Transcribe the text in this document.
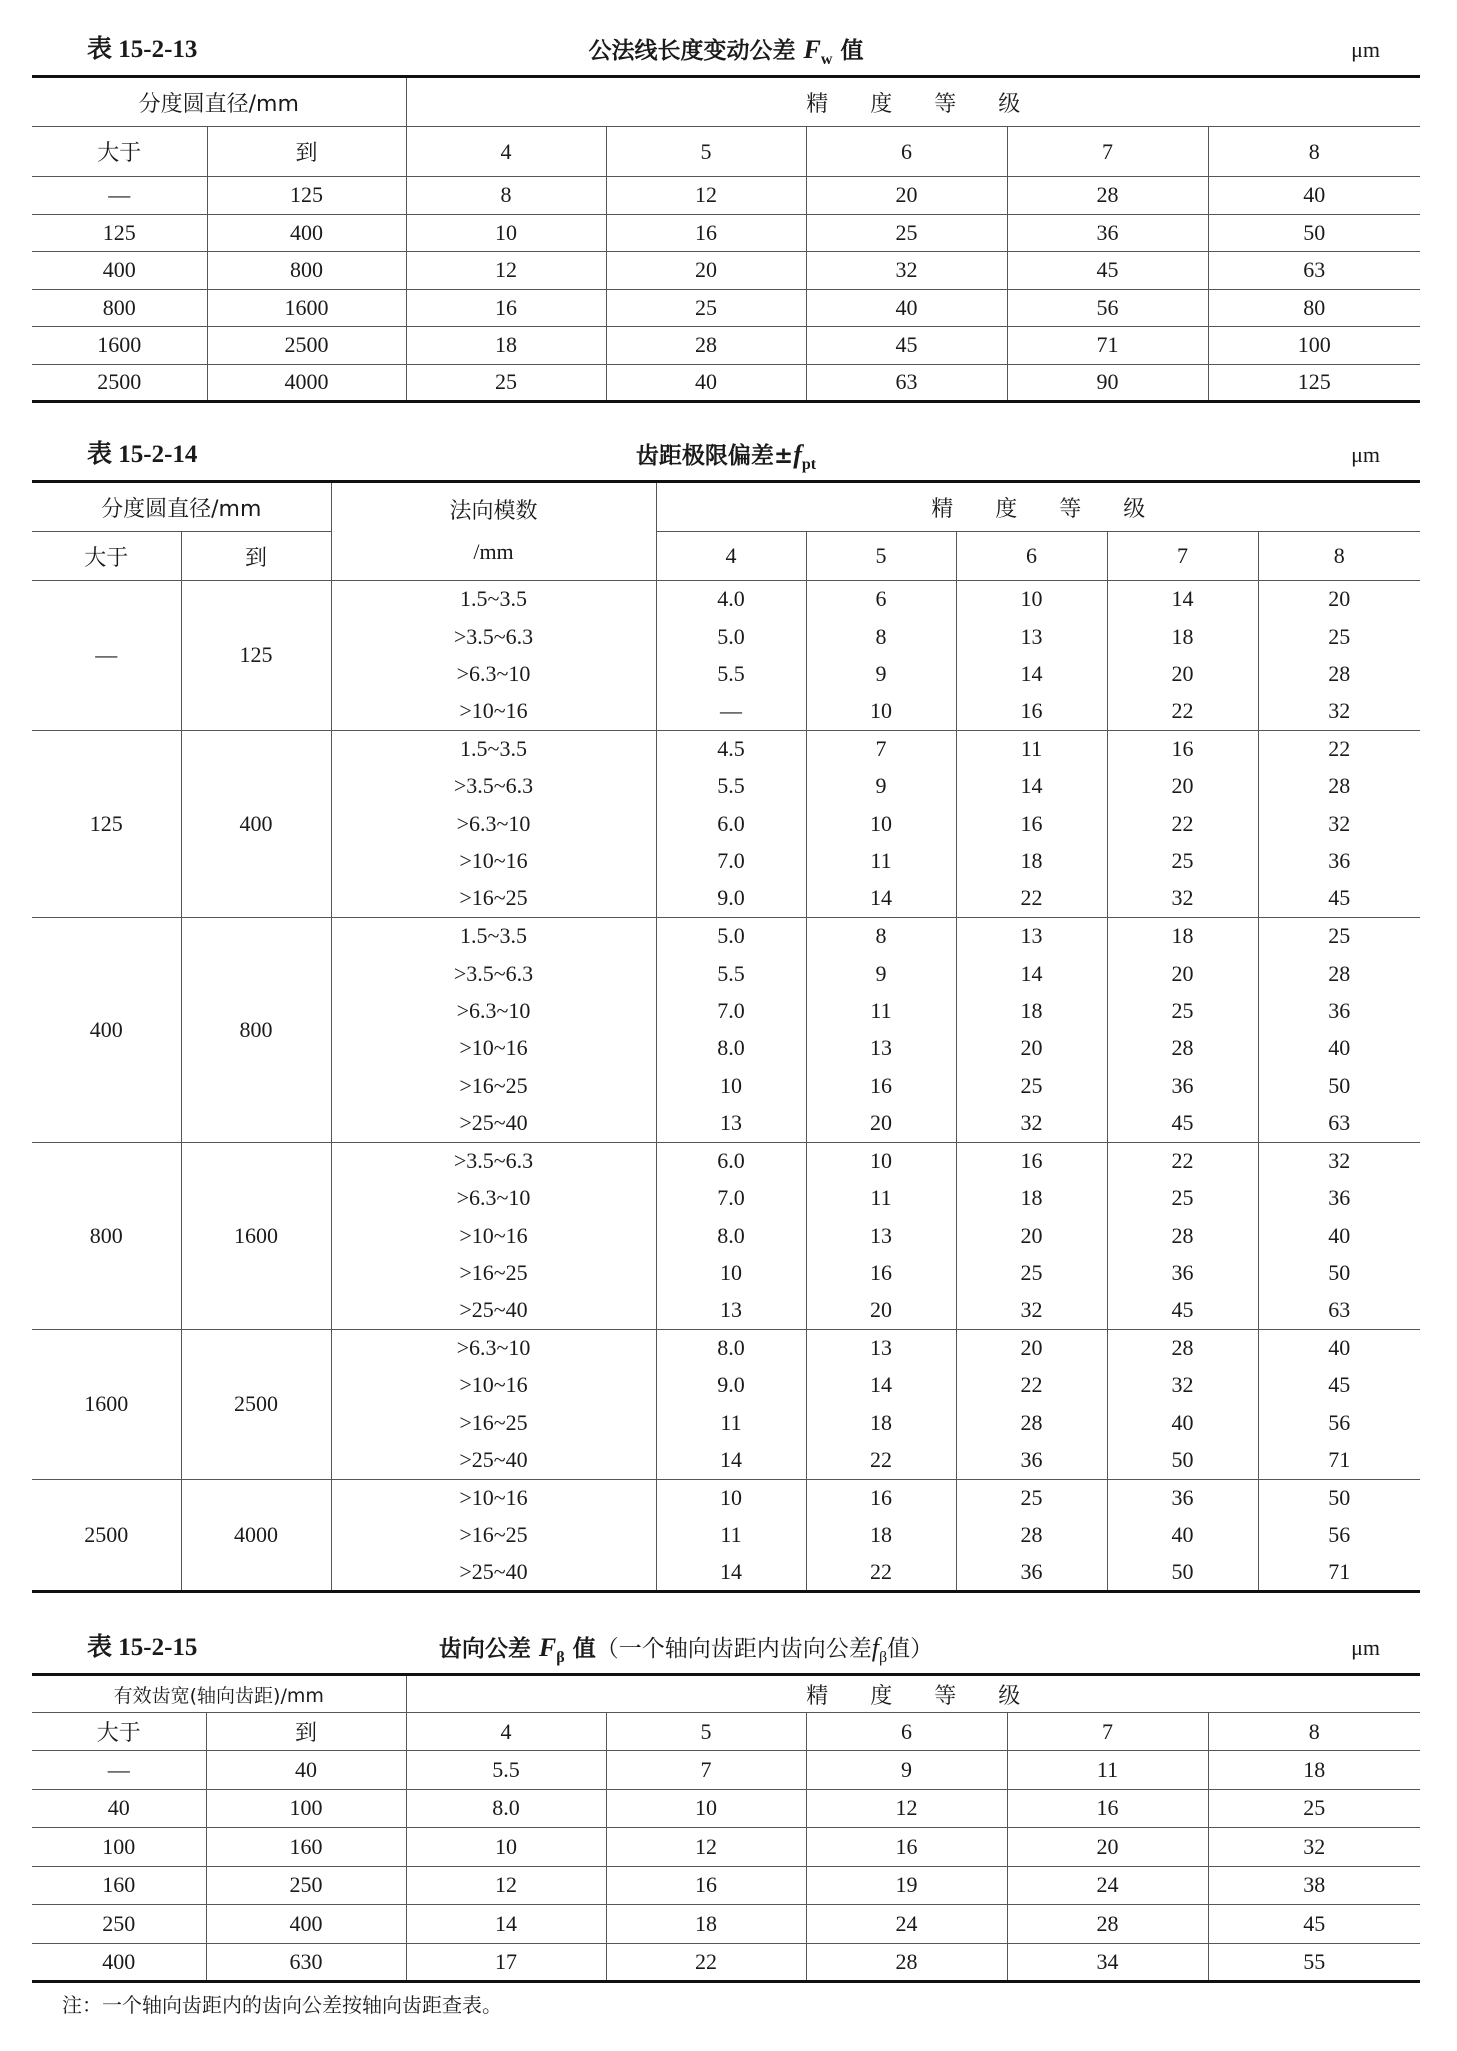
表 15-2-13	公法线长度变动公差 $F_w$ 值	μm
分度圆直径/mm		精度等级				
大于	到	4	5	6	7	8
—	125	8	12	20	28	40
125	400	10	16	25	36	50
400	800	12	20	32	45	63
800	1600	16	25	40	56	80
1600	2500	18	28	45	71	100
2500	4000	25	40	63	90	125
表 15-2-14	齿距极限偏差$\pm f_{pt}$	μm
分度圆直径/mm		法向模数
/mm	精度等级				
大于	到		4	5	6	7	8
—	125	1.5~3.5	4.0	6	10	14	20
		>3.5~6.3	5.0	8	13	18	25
		>6.3~10	5.5	9	14	20	28
		>10~16	—	10	16	22	32
125	400	1.5~3.5	4.5	7	11	16	22
		>3.5~6.3	5.5	9	14	20	28
		>6.3~10	6.0	10	16	22	32
		>10~16	7.0	11	18	25	36
		>16~25	9.0	14	22	32	45
400	800	1.5~3.5	5.0	8	13	18	25
		>3.5~6.3	5.5	9	14	20	28
		>6.3~10	7.0	11	18	25	36
		>10~16	8.0	13	20	28	40
		>16~25	10	16	25	36	50
		>25~40	13	20	32	45	63
800	1600	>3.5~6.3	6.0	10	16	22	32
		>6.3~10	7.0	11	18	25	36
		>10~16	8.0	13	20	28	40
		>16~25	10	16	25	36	50
		>25~40	13	20	32	45	63
1600	2500	>6.3~10	8.0	13	20	28	40
		>10~16	9.0	14	22	32	45
		>16~25	11	18	28	40	56
		>25~40	14	22	36	50	71
2500	4000	>10~16	10	16	25	36	50
		>16~25	11	18	28	40	56
		>25~40	14	22	36	50	71
表 15-2-15	齿向公差 $F_\beta$ 值（一个轴向齿距内齿向公差$f_\beta$值）	μm
有效齿宽(轴向齿距)/mm		精度等级				
大于	到	4	5	6	7	8
—	40	5.5	7	9	11	18
40	100	8.0	10	12	16	25
100	160	10	12	16	20	32
160	250	12	16	19	24	38
250	400	14	18	24	28	45
400	630	17	22	28	34	55
注：一个轴向齿距内的齿向公差按轴向齿距查表。
